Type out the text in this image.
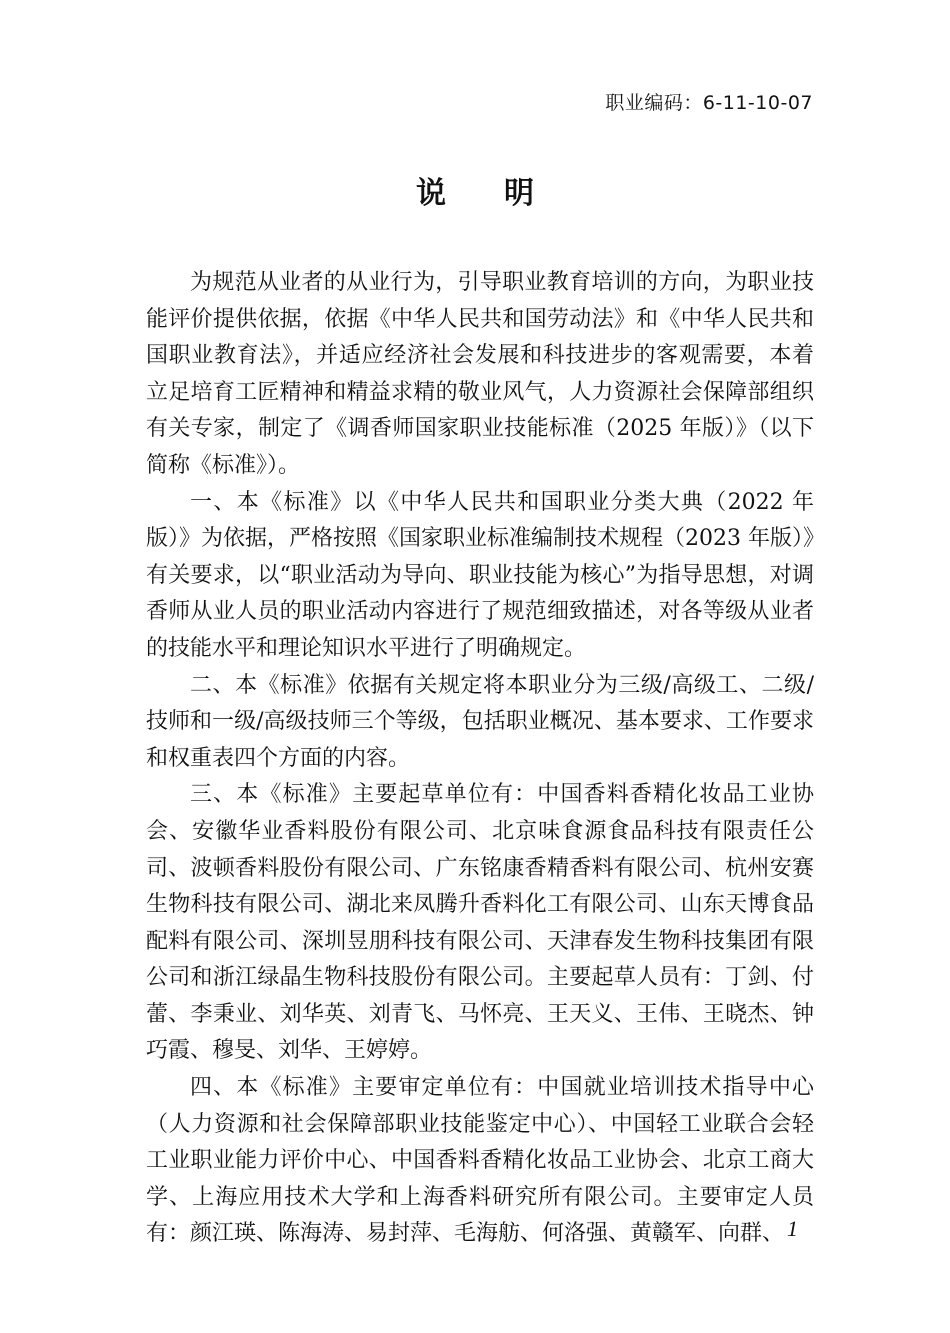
职业编码：6-11-10-07
说明

为规范从业者的从业行为，引导职业教育培训的方向，为职业技能评价提供依据，依据《中华人民共和国劳动法》和《中华人民共和国职业教育法》，并适应经济社会发展和科技进步的客观需要，本着立足培育工匠精神和精益求精的敬业风气，人力资源社会保障部组织有关专家，制定了《调香师国家职业技能标准（2025 年版）》（以下简称《标准》）。

一、本《标准》以《中华人民共和国职业分类大典（2022 年版）》为依据，严格按照《国家职业标准编制技术规程（2023 年版）》有关要求，以“职业活动为导向、职业技能为核心”为指导思想，对调香师从业人员的职业活动内容进行了规范细致描述，对各等级从业者的技能水平和理论知识水平进行了明确规定。

二、本《标准》依据有关规定将本职业分为三级/高级工、二级/技师和一级/高级技师三个等级，包括职业概况、基本要求、工作要求和权重表四个方面的内容。

三、本《标准》主要起草单位有：中国香料香精化妆品工业协会、安徽华业香料股份有限公司、北京味食源食品科技有限责任公司、波顿香料股份有限公司、广东铭康香精香料有限公司、杭州安赛生物科技有限公司、湖北来凤腾升香料化工有限公司、山东天博食品配料有限公司、深圳昱朋科技有限公司、天津春发生物科技集团有限公司和浙江绿晶生物科技股份有限公司。主要起草人员有：丁剑、付蕾、李秉业、刘华英、刘青飞、马怀亮、王天义、王伟、王晓杰、钟巧霞、穆旻、刘华、王婷婷。

四、本《标准》主要审定单位有：中国就业培训技术指导中心（人力资源和社会保障部职业技能鉴定中心）、中国轻工业联合会轻工业职业能力评价中心、中国香料香精化妆品工业协会、北京工商大学、上海应用技术大学和上海香料研究所有限公司。主要审定人员有：颜江瑛、陈海涛、易封萍、毛海舫、何洛强、黄赣军、向群、 1
